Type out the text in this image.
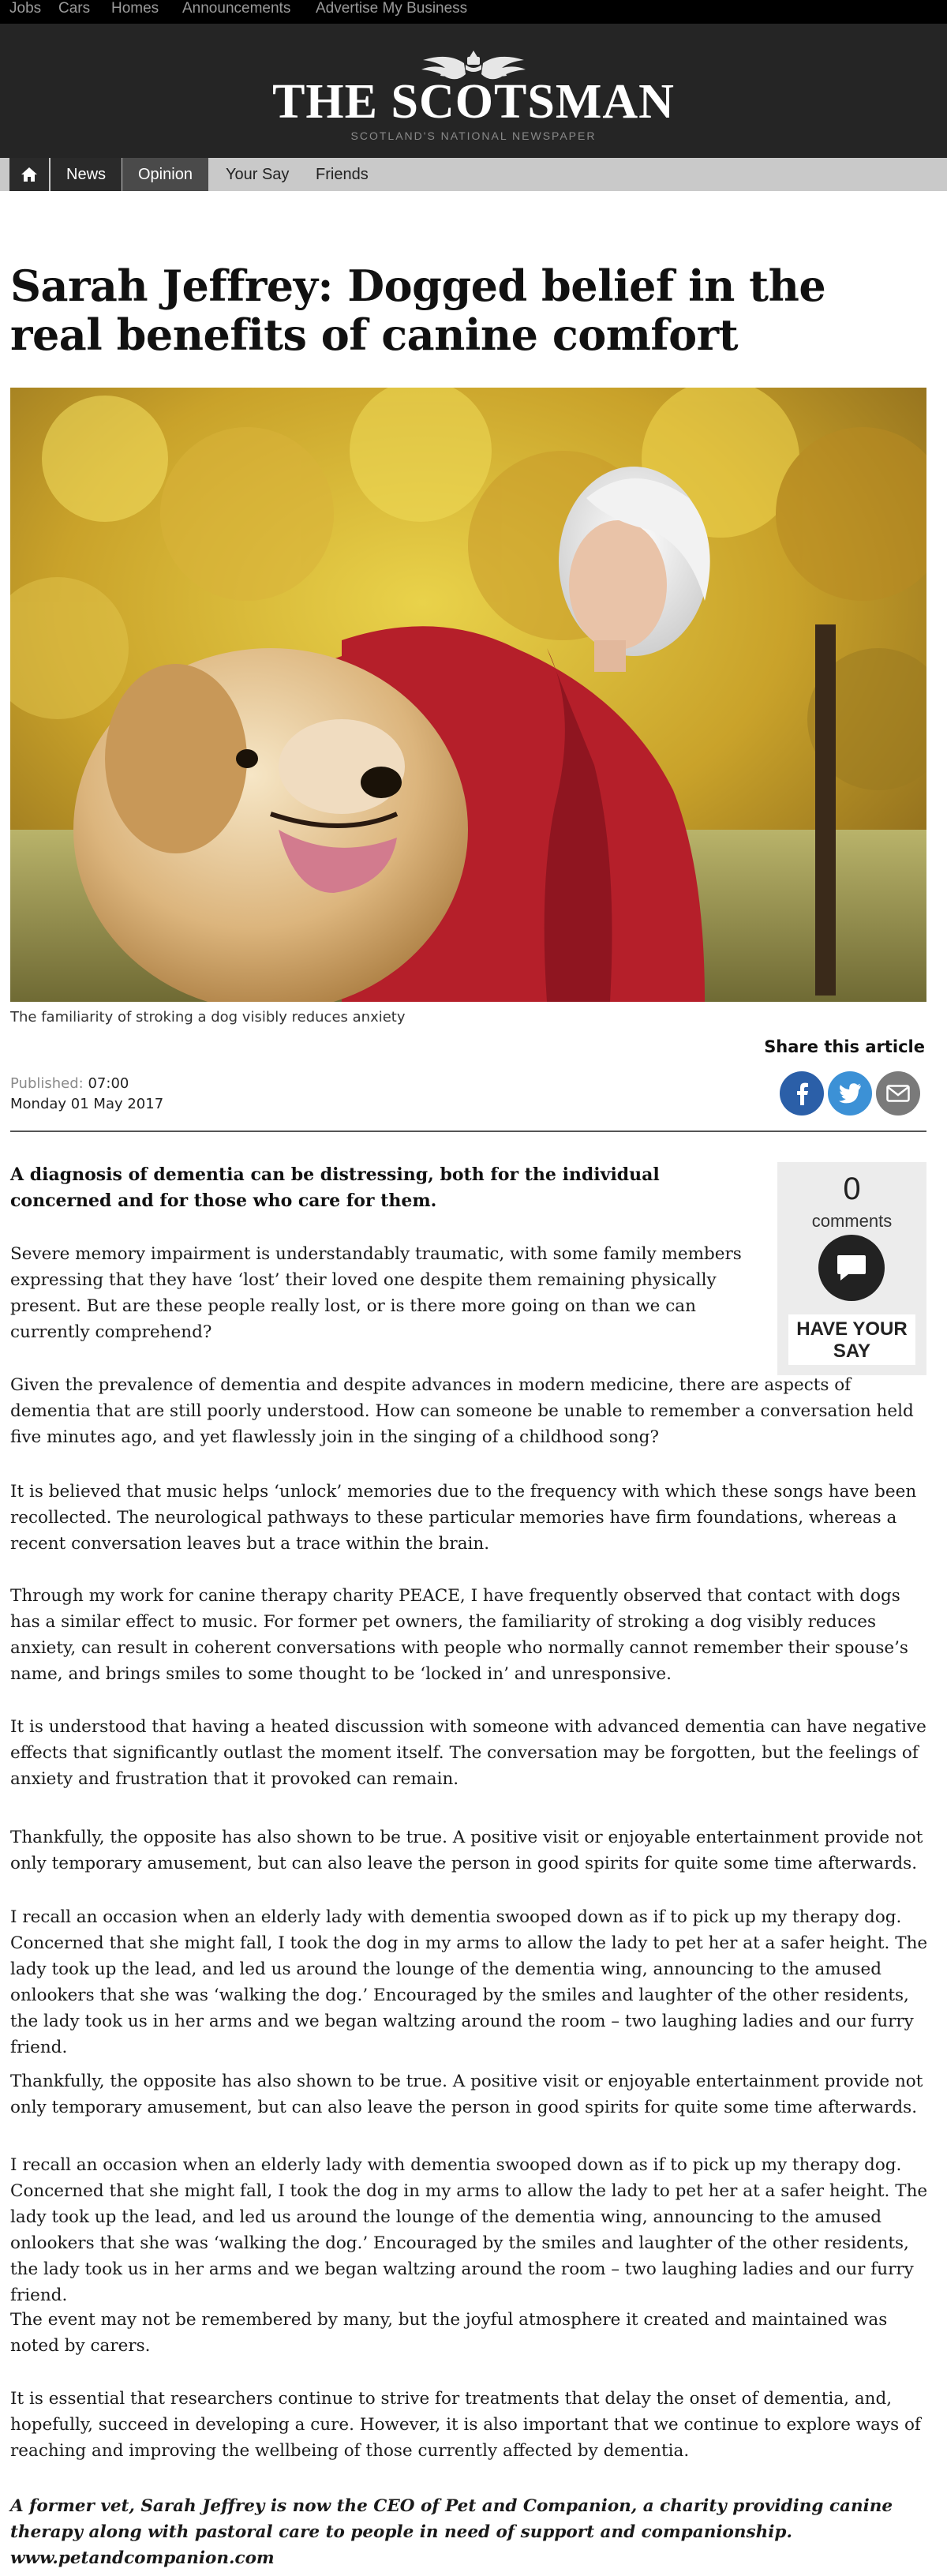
Jobs Cars Homes Announcements Advertise My Business
THE SCOTSMAN
SCOTLAND'S NATIONAL NEWSPAPER
News	Opinion	Your Say	Friends
Sarah Jeffrey: Dogged belief in the real benefits of canine comfort
The familiarity of stroking a dog visibly reduces anxiety
Share this article
Published: 07:00
Monday 01 May 2017

A diagnosis of dementia can be distressing, both for the individual concerned and for those who care for them.	0
comments
HAVE YOUR SAY

Severe memory impairment is understandably traumatic, with some family members expressing that they have ‘lost’ their loved one despite them remaining physically present. But are these people really lost, or is there more going on than we can currently comprehend?

Given the prevalence of dementia and despite advances in modern medicine, there are aspects of dementia that are still poorly understood. How can someone be unable to remember a conversation held five minutes ago, and yet flawlessly join in the singing of a childhood song?

It is believed that music helps ‘unlock’ memories due to the frequency with which these songs have been recollected. The neurological pathways to these particular memories have firm foundations, whereas a recent conversation leaves but a trace within the brain.

Through my work for canine therapy charity PEACE, I have frequently observed that contact with dogs has a similar effect to music. For former pet owners, the familiarity of stroking a dog visibly reduces anxiety, can result in coherent conversations with people who normally cannot remember their spouse’s name, and brings smiles to some thought to be ‘locked in’ and unresponsive.

It is understood that having a heated discussion with someone with advanced dementia can have negative effects that significantly outlast the moment itself. The conversation may be forgotten, but the feelings of anxiety and frustration that it provoked can remain.

Thankfully, the opposite has also shown to be true. A positive visit or enjoyable entertainment provide not only temporary amusement, but can also leave the person in good spirits for quite some time afterwards.

I recall an occasion when an elderly lady with dementia swooped down as if to pick up my therapy dog. Concerned that she might fall, I took the dog in my arms to allow the lady to pet her at a safer height. The lady took up the lead, and led us around the lounge of the dementia wing, announcing to the amused onlookers that she was ‘walking the dog.’ Encouraged by the smiles and laughter of the other residents, the lady took us in her arms and we began waltzing around the room – two laughing ladies and our furry friend.

Thankfully, the opposite has also shown to be true. A positive visit or enjoyable entertainment provide not only temporary amusement, but can also leave the person in good spirits for quite some time afterwards.

I recall an occasion when an elderly lady with dementia swooped down as if to pick up my therapy dog. Concerned that she might fall, I took the dog in my arms to allow the lady to pet her at a safer height. The lady took up the lead, and led us around the lounge of the dementia wing, announcing to the amused onlookers that she was ‘walking the dog.’ Encouraged by the smiles and laughter of the other residents, the lady took us in her arms and we began waltzing around the room – two laughing ladies and our furry friend.

The event may not be remembered by many, but the joyful atmosphere it created and maintained was noted by carers.

It is essential that researchers continue to strive for treatments that delay the onset of dementia, and, hopefully, succeed in developing a cure. However, it is also important that we continue to explore ways of reaching and improving the wellbeing of those currently affected by dementia.

A former vet, Sarah Jeffrey is now the CEO of Pet and Companion, a charity providing canine therapy along with pastoral care to people in need of support and companionship. www.petandcompanion.com
